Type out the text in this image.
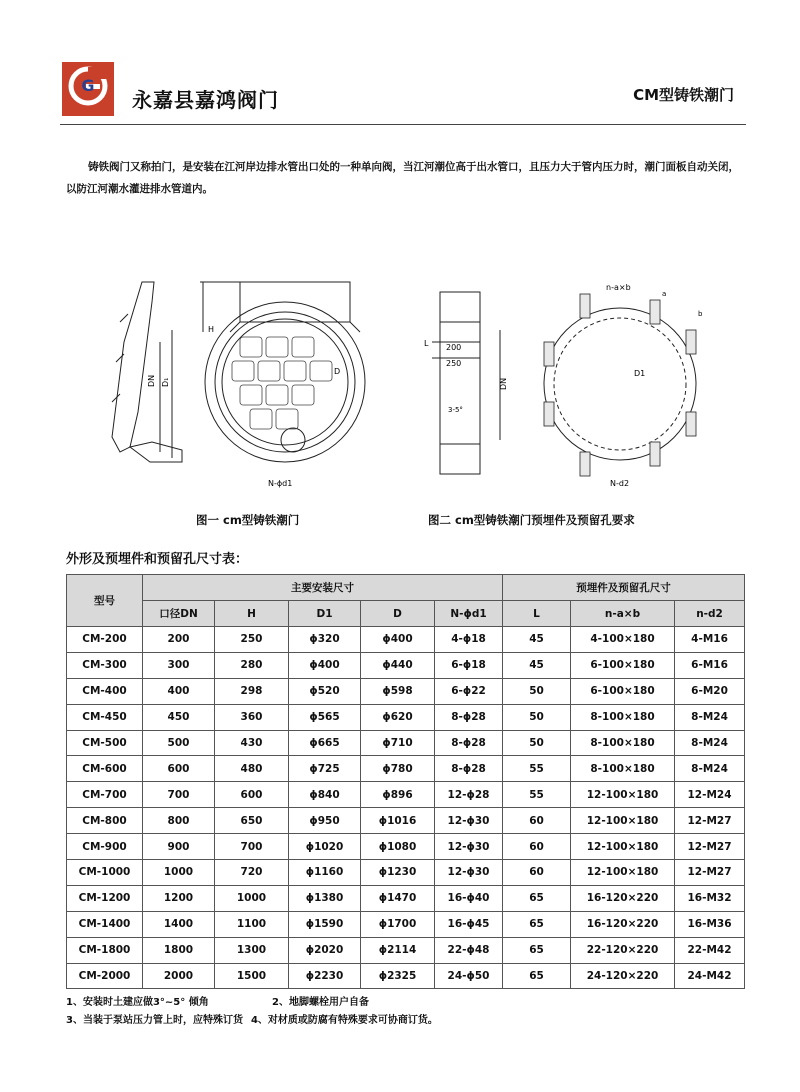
G
永嘉县嘉鸿阀门	CM型铸铁潮门
铸铁阀门又称拍门，是安装在江河岸边排水管出口处的一种单向阀，当江河潮位高于出水管口，且压力大于管内压力时，潮门面板自动关闭，以防江河潮水灌进排水管道内。
DN D₁
H
D
N-ϕd1
L 200
250
DN
3-5°
n-a×b
a
b
D1
N-d2
图一 cm型铸铁潮门	图二 cm型铸铁潮门预埋件及预留孔要求
外形及预埋件和预留孔尺寸表：
型号	主要安装尺寸					预埋件及预留孔尺寸		
	口径DN	H	D1	D	N-ϕd1	L	n-a×b	n-d2
CM-200	200	250	ϕ320	ϕ400	4-ϕ18	45	4-100×180	4-M16
CM-300	300	280	ϕ400	ϕ440	6-ϕ18	45	6-100×180	6-M16
CM-400	400	298	ϕ520	ϕ598	6-ϕ22	50	6-100×180	6-M20
CM-450	450	360	ϕ565	ϕ620	8-ϕ28	50	8-100×180	8-M24
CM-500	500	430	ϕ665	ϕ710	8-ϕ28	50	8-100×180	8-M24
CM-600	600	480	ϕ725	ϕ780	8-ϕ28	55	8-100×180	8-M24
CM-700	700	600	ϕ840	ϕ896	12-ϕ28	55	12-100×180	12-M24
CM-800	800	650	ϕ950	ϕ1016	12-ϕ30	60	12-100×180	12-M27
CM-900	900	700	ϕ1020	ϕ1080	12-ϕ30	60	12-100×180	12-M27
CM-1000	1000	720	ϕ1160	ϕ1230	12-ϕ30	60	12-100×180	12-M27
CM-1200	1200	1000	ϕ1380	ϕ1470	16-ϕ40	65	16-120×220	16-M32
CM-1400	1400	1100	ϕ1590	ϕ1700	16-ϕ45	65	16-120×220	16-M36
CM-1800	1800	1300	ϕ2020	ϕ2114	22-ϕ48	65	22-120×220	22-M42
CM-2000	2000	1500	ϕ2230	ϕ2325	24-ϕ50	65	24-120×220	24-M42
1、安装时土建应做3°~5° 倾角	2、地脚螺栓用户自备
3、当装于泵站压力管上时，应特殊订货 4、对材质或防腐有特殊要求可协商订货。
